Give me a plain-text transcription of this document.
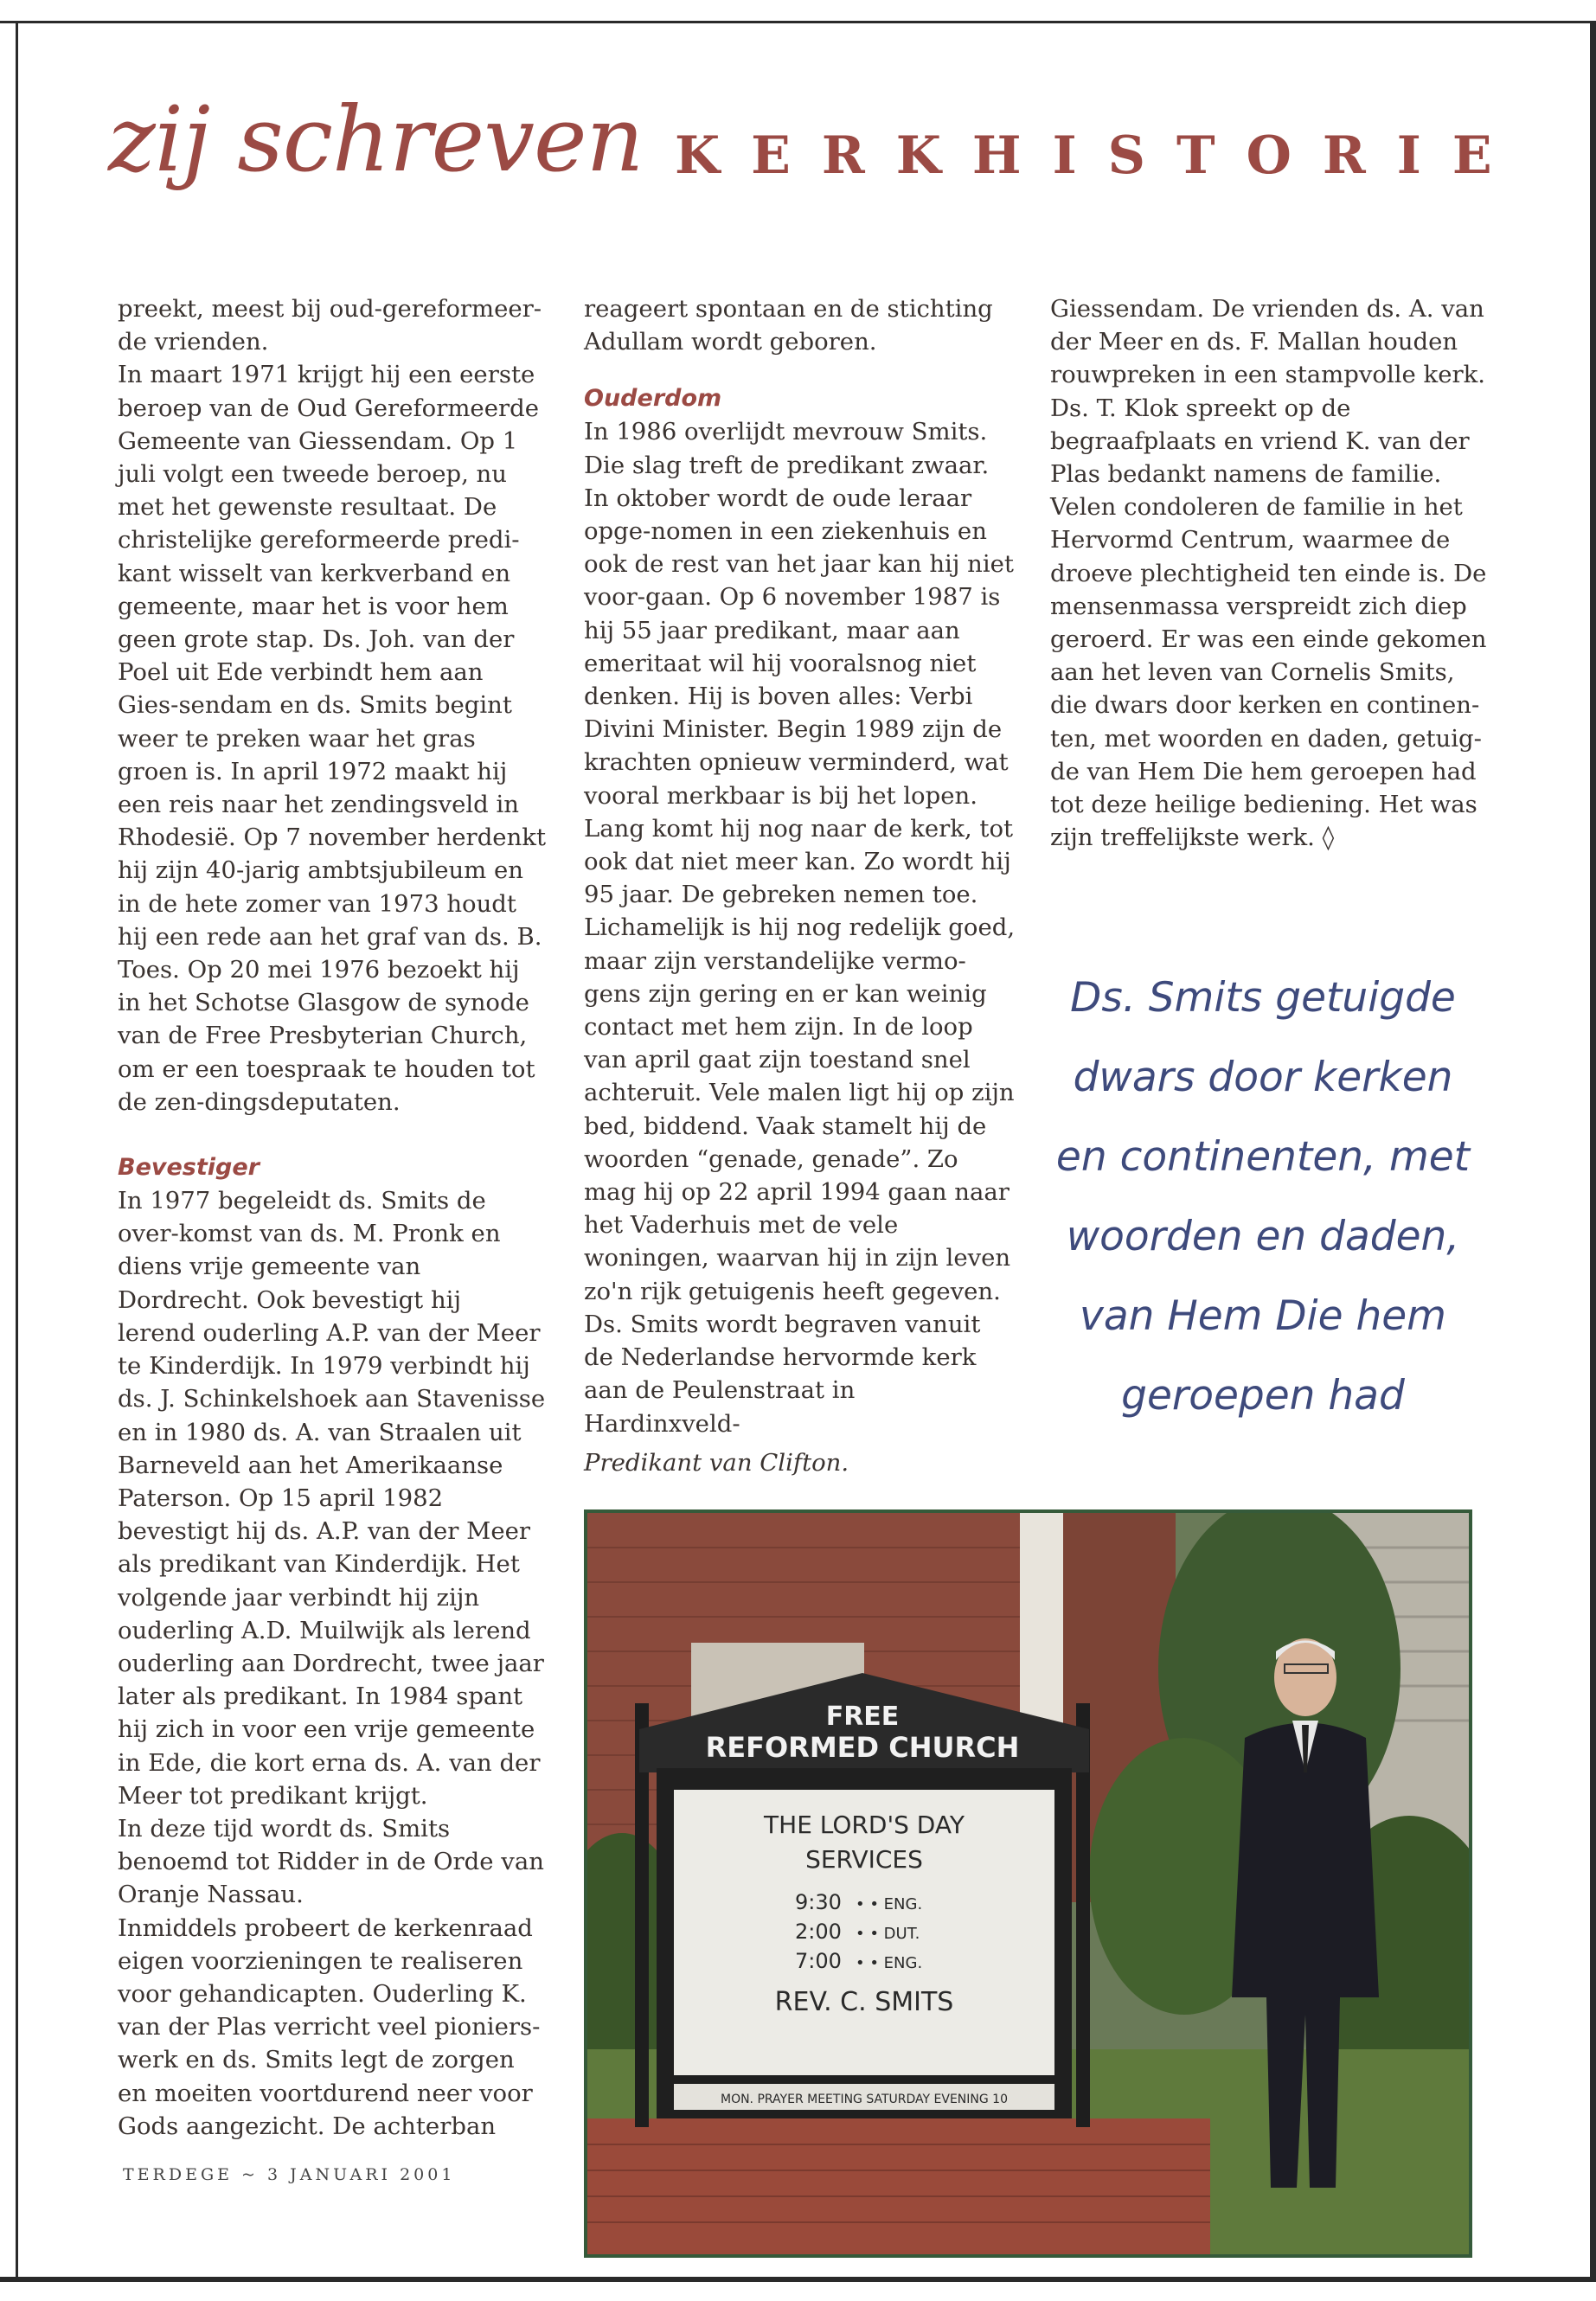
zij schreven KERKHISTORIE

preekt, meest bij oud-gereformeer-de vrienden.

In maart 1971 krijgt hij een eerste beroep van de Oud Gereformeerde Gemeente van Giessendam. Op 1 juli volgt een tweede beroep, nu met het gewenste resultaat. De christelijke gereformeerde predi-kant wisselt van kerkverband en gemeente, maar het is voor hem geen grote stap. Ds. Joh. van der Poel uit Ede verbindt hem aan Gies-sendam en ds. Smits begint weer te preken waar het gras groen is. In april 1972 maakt hij een reis naar het zendingsveld in Rhodesië. Op 7 november herdenkt hij zijn 40-jarig ambtsjubileum en in de hete zomer van 1973 houdt hij een rede aan het graf van ds. B. Toes. Op 20 mei 1976 bezoekt hij in het Schotse Glasgow de synode van de Free Presbyterian Church, om er een toespraak te houden tot de zen-dingsdeputaten.

Bevestiger

In 1977 begeleidt ds. Smits de over-komst van ds. M. Pronk en diens vrije gemeente van Dordrecht. Ook bevestigt hij lerend ouderling A.P. van der Meer te Kinderdijk. In 1979 verbindt hij ds. J. Schinkelshoek aan Stavenisse en in 1980 ds. A. van Straalen uit Barneveld aan het Amerikaanse Paterson. Op 15 april 1982 bevestigt hij ds. A.P. van der Meer als predikant van Kinderdijk. Het volgende jaar verbindt hij zijn ouderling A.D. Muilwijk als lerend ouderling aan Dordrecht, twee jaar later als predikant. In 1984 spant hij zich in voor een vrije gemeente in Ede, die kort erna ds. A. van der Meer tot predikant krijgt.

In deze tijd wordt ds. Smits benoemd tot Ridder in de Orde van Oranje Nassau.

Inmiddels probeert de kerkenraad eigen voorzieningen te realiseren voor gehandicapten. Ouderling K. van der Plas verricht veel pioniers-werk en ds. Smits legt de zorgen en moeiten voortdurend neer voor Gods aangezicht. De achterban

reageert spontaan en de stichting Adullam wordt geboren.

Ouderdom

In 1986 overlijdt mevrouw Smits. Die slag treft de predikant zwaar. In oktober wordt de oude leraar opge-nomen in een ziekenhuis en ook de rest van het jaar kan hij niet voor-gaan. Op 6 november 1987 is hij 55 jaar predikant, maar aan emeritaat wil hij vooralsnog niet denken. Hij is boven alles: Verbi Divini Minister. Begin 1989 zijn de krachten opnieuw verminderd, wat vooral merkbaar is bij het lopen.

Lang komt hij nog naar de kerk, tot ook dat niet meer kan. Zo wordt hij 95 jaar. De gebreken nemen toe. Lichamelijk is hij nog redelijk goed, maar zijn verstandelijke vermo-gens zijn gering en er kan weinig contact met hem zijn. In de loop van april gaat zijn toestand snel achteruit. Vele malen ligt hij op zijn bed, biddend. Vaak stamelt hij de woorden “genade, genade”. Zo mag hij op 22 april 1994 gaan naar het Vaderhuis met de vele woningen, waarvan hij in zijn leven zo'n rijk getuigenis heeft gegeven.

Ds. Smits wordt begraven vanuit de Nederlandse hervormde kerk aan de Peulenstraat in Hardinxveld-

Predikant van Clifton.

Giessendam. De vrienden ds. A. van der Meer en ds. F. Mallan houden rouwpreken in een stampvolle kerk. Ds. T. Klok spreekt op de begraafplaats en vriend K. van der Plas bedankt namens de familie. Velen condoleren de familie in het Hervormd Centrum, waarmee de droeve plechtigheid ten einde is. De mensenmassa verspreidt zich diep geroerd. Er was een einde gekomen aan het leven van Cornelis Smits, die dwars door kerken en continen-ten, met woorden en daden, getuig-de van Hem Die hem geroepen had tot deze heilige bediening. Het was zijn treffelijkste werk. ◊

Ds. Smits getuigde
dwars door kerken
en continenten, met
woorden en daden,
van Hem Die hem
geroepen had
FREE
REFORMED CHURCH
THE LORD'S DAY
SERVICES
9:30 • • ENG.
2:00 • • DUT.
7:00 • • ENG.
REV. C. SMITS
MON. PRAYER MEETING SATURDAY EVENING 10
TERDEGE ~ 3 JANUARI 2001
